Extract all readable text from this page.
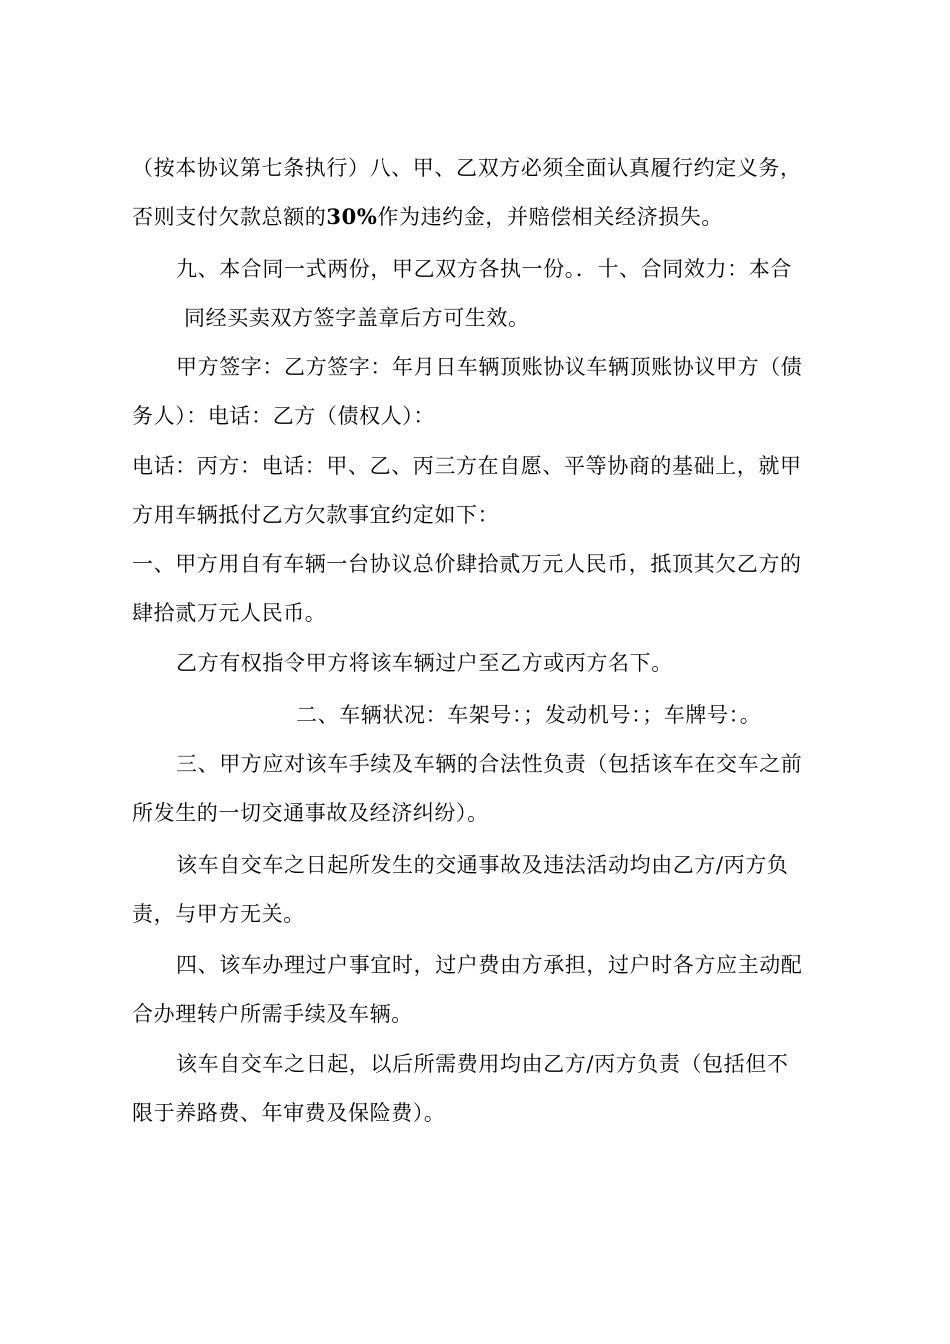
（按本协议第七条执行）八、甲、乙双方必须全面认真履行约定义务，
否则支付欠款总额的30%作为违约金，并赔偿相关经济损失。
九、本合同一式两份，甲乙双方各执一份。．十、合同效力：本合
同经买卖双方签字盖章后方可生效。
甲方签字：乙方签字：年月日车辆顶账协议车辆顶账协议甲方（债
务人）：电话：乙方（债权人）：
电话：丙方：电话：甲、乙、丙三方在自愿、平等协商的基础上，就甲
方用车辆抵付乙方欠款事宜约定如下：
一、甲方用自有车辆一台协议总价肆拾贰万元人民币，抵顶其欠乙方的
肆拾贰万元人民币。
乙方有权指令甲方将该车辆过户至乙方或丙方名下。
二、车辆状况：车架号：；发动机号：；车牌号：。
三、甲方应对该车手续及车辆的合法性负责（包括该车在交车之前
所发生的一切交通事故及经济纠纷）。
该车自交车之日起所发生的交通事故及违法活动均由乙方/丙方负
责，与甲方无关。
四、该车办理过户事宜时，过户费由方承担，过户时各方应主动配
合办理转户所需手续及车辆。
该车自交车之日起，以后所需费用均由乙方/丙方负责（包括但不
限于养路费、年审费及保险费）。
